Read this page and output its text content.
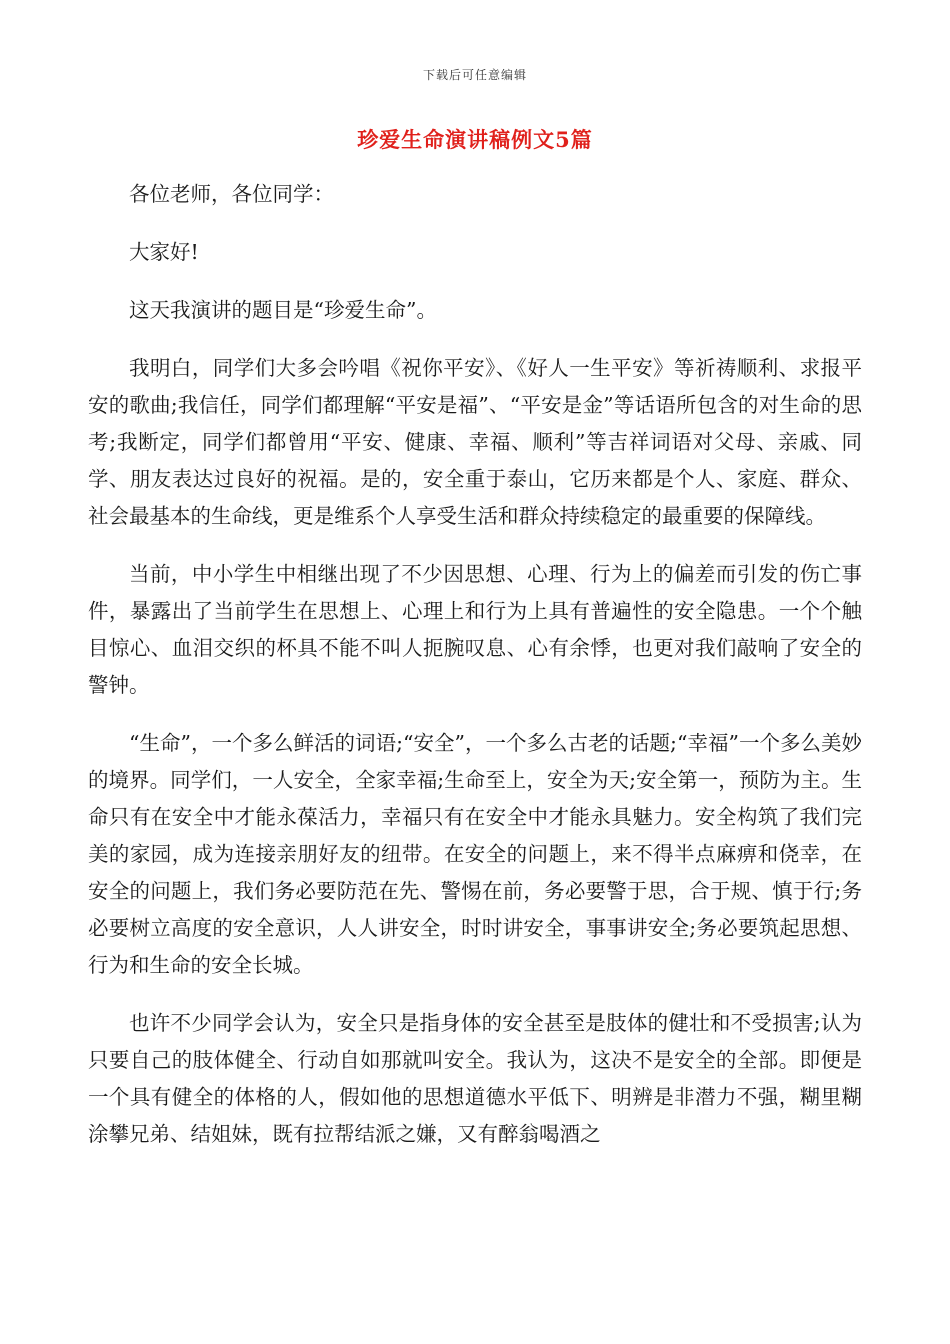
下载后可任意编辑
珍爱生命演讲稿例文5篇

各位老师，各位同学：

大家好!

这天我演讲的题目是“珍爱生命”。

我明白，同学们大多会吟唱《祝你平安》、《好人一生平安》等祈祷顺利、求报平安的歌曲;我信任，同学们都理解“平安是福”、“平安是金”等话语所包含的对生命的思考;我断定，同学们都曾用“平安、健康、幸福、顺利”等吉祥词语对父母、亲戚、同学、朋友表达过良好的祝福。是的，安全重于泰山，它历来都是个人、家庭、群众、社会最基本的生命线，更是维系个人享受生活和群众持续稳定的最重要的保障线。

当前，中小学生中相继出现了不少因思想、心理、行为上的偏差而引发的伤亡事件，暴露出了当前学生在思想上、心理上和行为上具有普遍性的安全隐患。一个个触目惊心、血泪交织的杯具不能不叫人扼腕叹息、心有余悸，也更对我们敲响了安全的警钟。

“生命”，一个多么鲜活的词语;“安全”，一个多么古老的话题;“幸福”一个多么美妙的境界。同学们，一人安全，全家幸福;生命至上，安全为天;安全第一，预防为主。生命只有在安全中才能永葆活力，幸福只有在安全中才能永具魅力。安全构筑了我们完美的家园，成为连接亲朋好友的纽带。在安全的问题上，来不得半点麻痹和侥幸，在安全的问题上，我们务必要防范在先、警惕在前，务必要警于思，合于规、慎于行;务必要树立高度的安全意识，人人讲安全，时时讲安全，事事讲安全;务必要筑起思想、行为和生命的安全长城。

也许不少同学会认为，安全只是指身体的安全甚至是肢体的健壮和不受损害;认为只要自己的肢体健全、行动自如那就叫安全。我认为，这决不是安全的全部。即便是一个具有健全的体格的人，假如他的思想道德水平低下、明辨是非潜力不强，糊里糊涂攀兄弟、结姐妹，既有拉帮结派之嫌，又有醉翁喝酒之
